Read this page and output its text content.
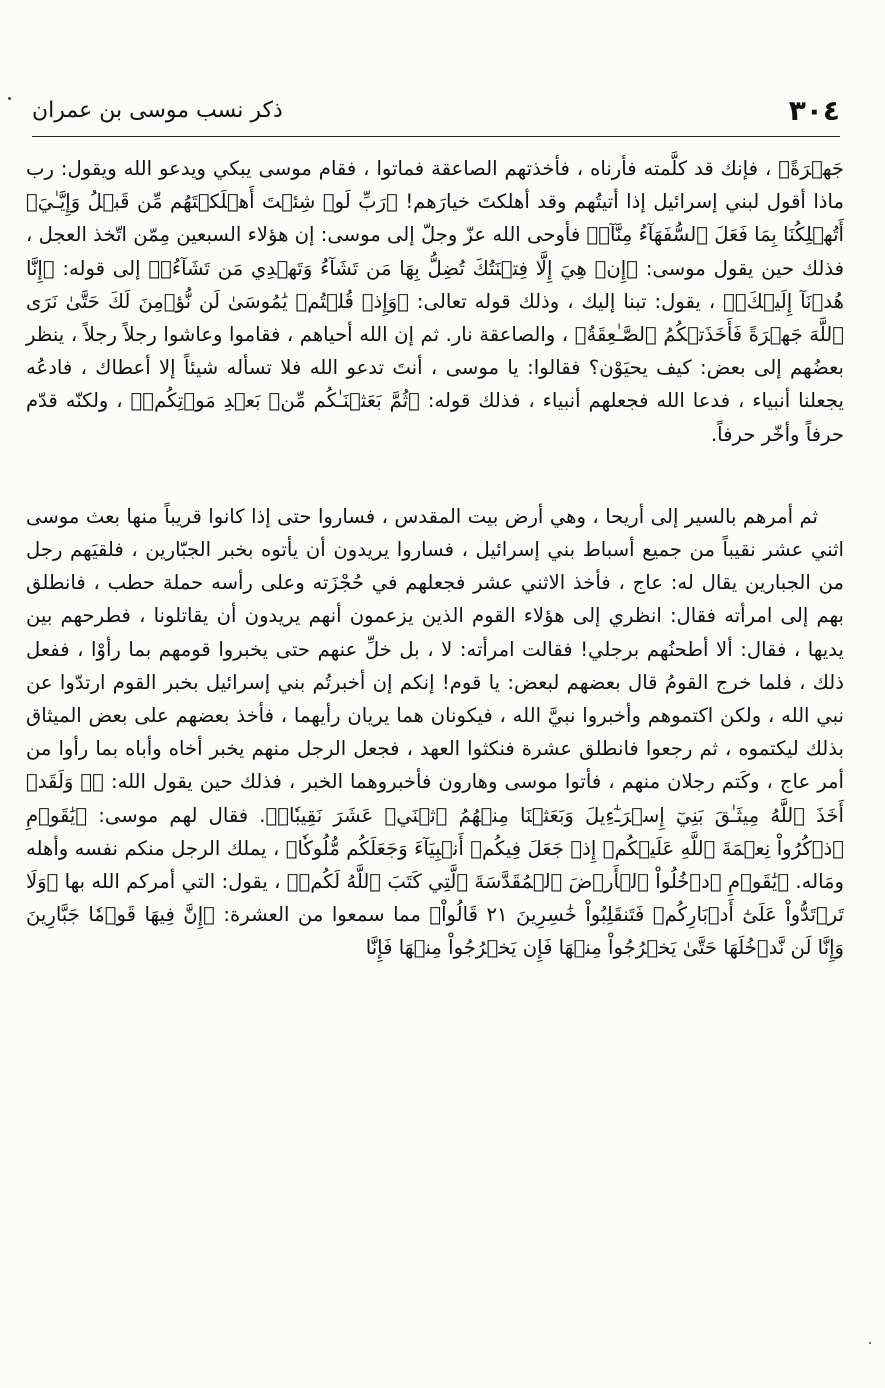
٣٠٤
ذكر نسب موسى بن عمران

جَهۡرَةً﴾ ، فإنك قد كلَّمته فأرناه ، فأخذتهم الصاعقة فماتوا ، فقام موسى يبكي ويدعو الله ويقول: رب ماذا أقول لبني إسرائيل إذا أتيتُهم وقد أهلكتَ خيارَهم! ﴿رَبِّ لَوۡ شِئۡتَ أَهۡلَكۡتَهُم مِّن قَبۡلُ وَإِيَّـٰيَۖ أَتُهۡلِكُنَا بِمَا فَعَلَ ٱلسُّفَهَآءُ مِنَّآۖ﴾ فأوحى الله عزّ وجلّ إلى موسى: إن هؤلاء السبعين مِمّن اتّخذ العجل ، فذلك حين يقول موسى: ﴿إِنۡ هِيَ إِلَّا فِتۡنَتُكَ تُضِلُّ بِهَا مَن تَشَآءُ وَتَهۡدِي مَن تَشَآءُۖ﴾ إلى قوله: ﴿إِنَّا هُدۡنَآ إِلَيۡكَۚ﴾ ، يقول: تبنا إليك ، وذلك قوله تعالى: ﴿وَإِذۡ قُلۡتُمۡ يَٰمُوسَىٰ لَن نُّؤۡمِنَ لَكَ حَتَّىٰ نَرَى ٱللَّهَ جَهۡرَةً فَأَخَذَتۡكُمُ ٱلصَّـٰعِقَةُ﴾ ، والصاعقة نار. ثم إن الله أحياهم ، فقاموا وعاشوا رجلاً رجلاً ، ينظر بعضُهم إلى بعض: كيف يحيَوْن؟ فقالوا: يا موسى ، أنتَ تدعو الله فلا تسأله شيئاً إلا أعطاك ، فادعُه يجعلنا أنبياء ، فدعا الله فجعلهم أنبياء ، فذلك قوله: ﴿ثُمَّ بَعَثۡنَـٰكُم مِّنۢ بَعۡدِ مَوۡتِكُمۡ﴾ ، ولكنّه قدّم حرفاً وأخّر حرفاً.

ثم أمرهم بالسير إلى أريحا ، وهي أرض بيت المقدس ، فساروا حتى إذا كانوا قريباً منها بعث موسى اثني عشر نقيباً من جميع أسباط بني إسرائيل ، فساروا يريدون أن يأتوه بخبر الجبّارين ، فلقيَهم رجل من الجبارين يقال له: عاج ، فأخذ الاثني عشر فجعلهم في حُجْزَته وعلى رأسه حملة حطب ، فانطلق بهم إلى امرأته فقال: انظري إلى هؤلاء القوم الذين يزعمون أنهم يريدون أن يقاتلونا ، فطرحهم بين يديها ، فقال: ألا أطحنُهم برجلي! فقالت امرأته: لا ، بل خلِّ عنهم حتى يخبروا قومهم بما رأوْا ، ففعل ذلك ، فلما خرج القومُ قال بعضهم لبعض: يا قوم! إنكم إن أخبرتُم بني إسرائيل بخبر القوم ارتدّوا عن نبي الله ، ولكن اكتموهم وأخبروا نبيَّ الله ، فيكونان هما يريان رأيهما ، فأخذ بعضهم على بعض الميثاق بذلك ليكتموه ، ثم رجعوا فانطلق عشرة فنكثوا العهد ، فجعل الرجل منهم يخبر أخاه وأباه بما رأوا من أمر عاج ، وكَتم رجلان منهم ، فأتوا موسى وهارون فأخبروهما الخبر ، فذلك حين يقول الله: ﴿۞ وَلَقَدۡ أَخَذَ ٱللَّهُ مِيثَـٰقَ بَنِيٓ إِسۡرَـٰٓءِيلَ وَبَعَثۡنَا مِنۡهُمُ ٱثۡنَيۡ عَشَرَ نَقِيبٗاۖ﴾. فقال لهم موسى: ﴿يَٰقَوۡمِ ٱذۡكُرُواْ نِعۡمَةَ ٱللَّهِ عَلَيۡكُمۡ إِذۡ جَعَلَ فِيكُمۡ أَنۢبِيَآءَ وَجَعَلَكُم مُّلُوكٗا﴾ ، يملك الرجل منكم نفسه وأهله ومَاله. ﴿يَٰقَوۡمِ ٱدۡخُلُواْ ٱلۡأَرۡضَ ٱلۡمُقَدَّسَةَ ٱلَّتِي كَتَبَ ٱللَّهُ لَكُمۡ﴾ ، يقول: التي أمركم الله بها ﴿وَلَا تَرۡتَدُّواْ عَلَىٰٓ أَدۡبَارِكُمۡ فَتَنقَلِبُواْ خَٰسِرِينَ ٢١ قَالُواْ﴾ مما سمعوا من العشرة: ﴿إِنَّ فِيهَا قَوۡمٗا جَبَّارِينَ وَإِنَّا لَن نَّدۡخُلَهَا حَتَّىٰ يَخۡرُجُواْ مِنۡهَا فَإِن يَخۡرُجُواْ مِنۡهَا فَإِنَّا
